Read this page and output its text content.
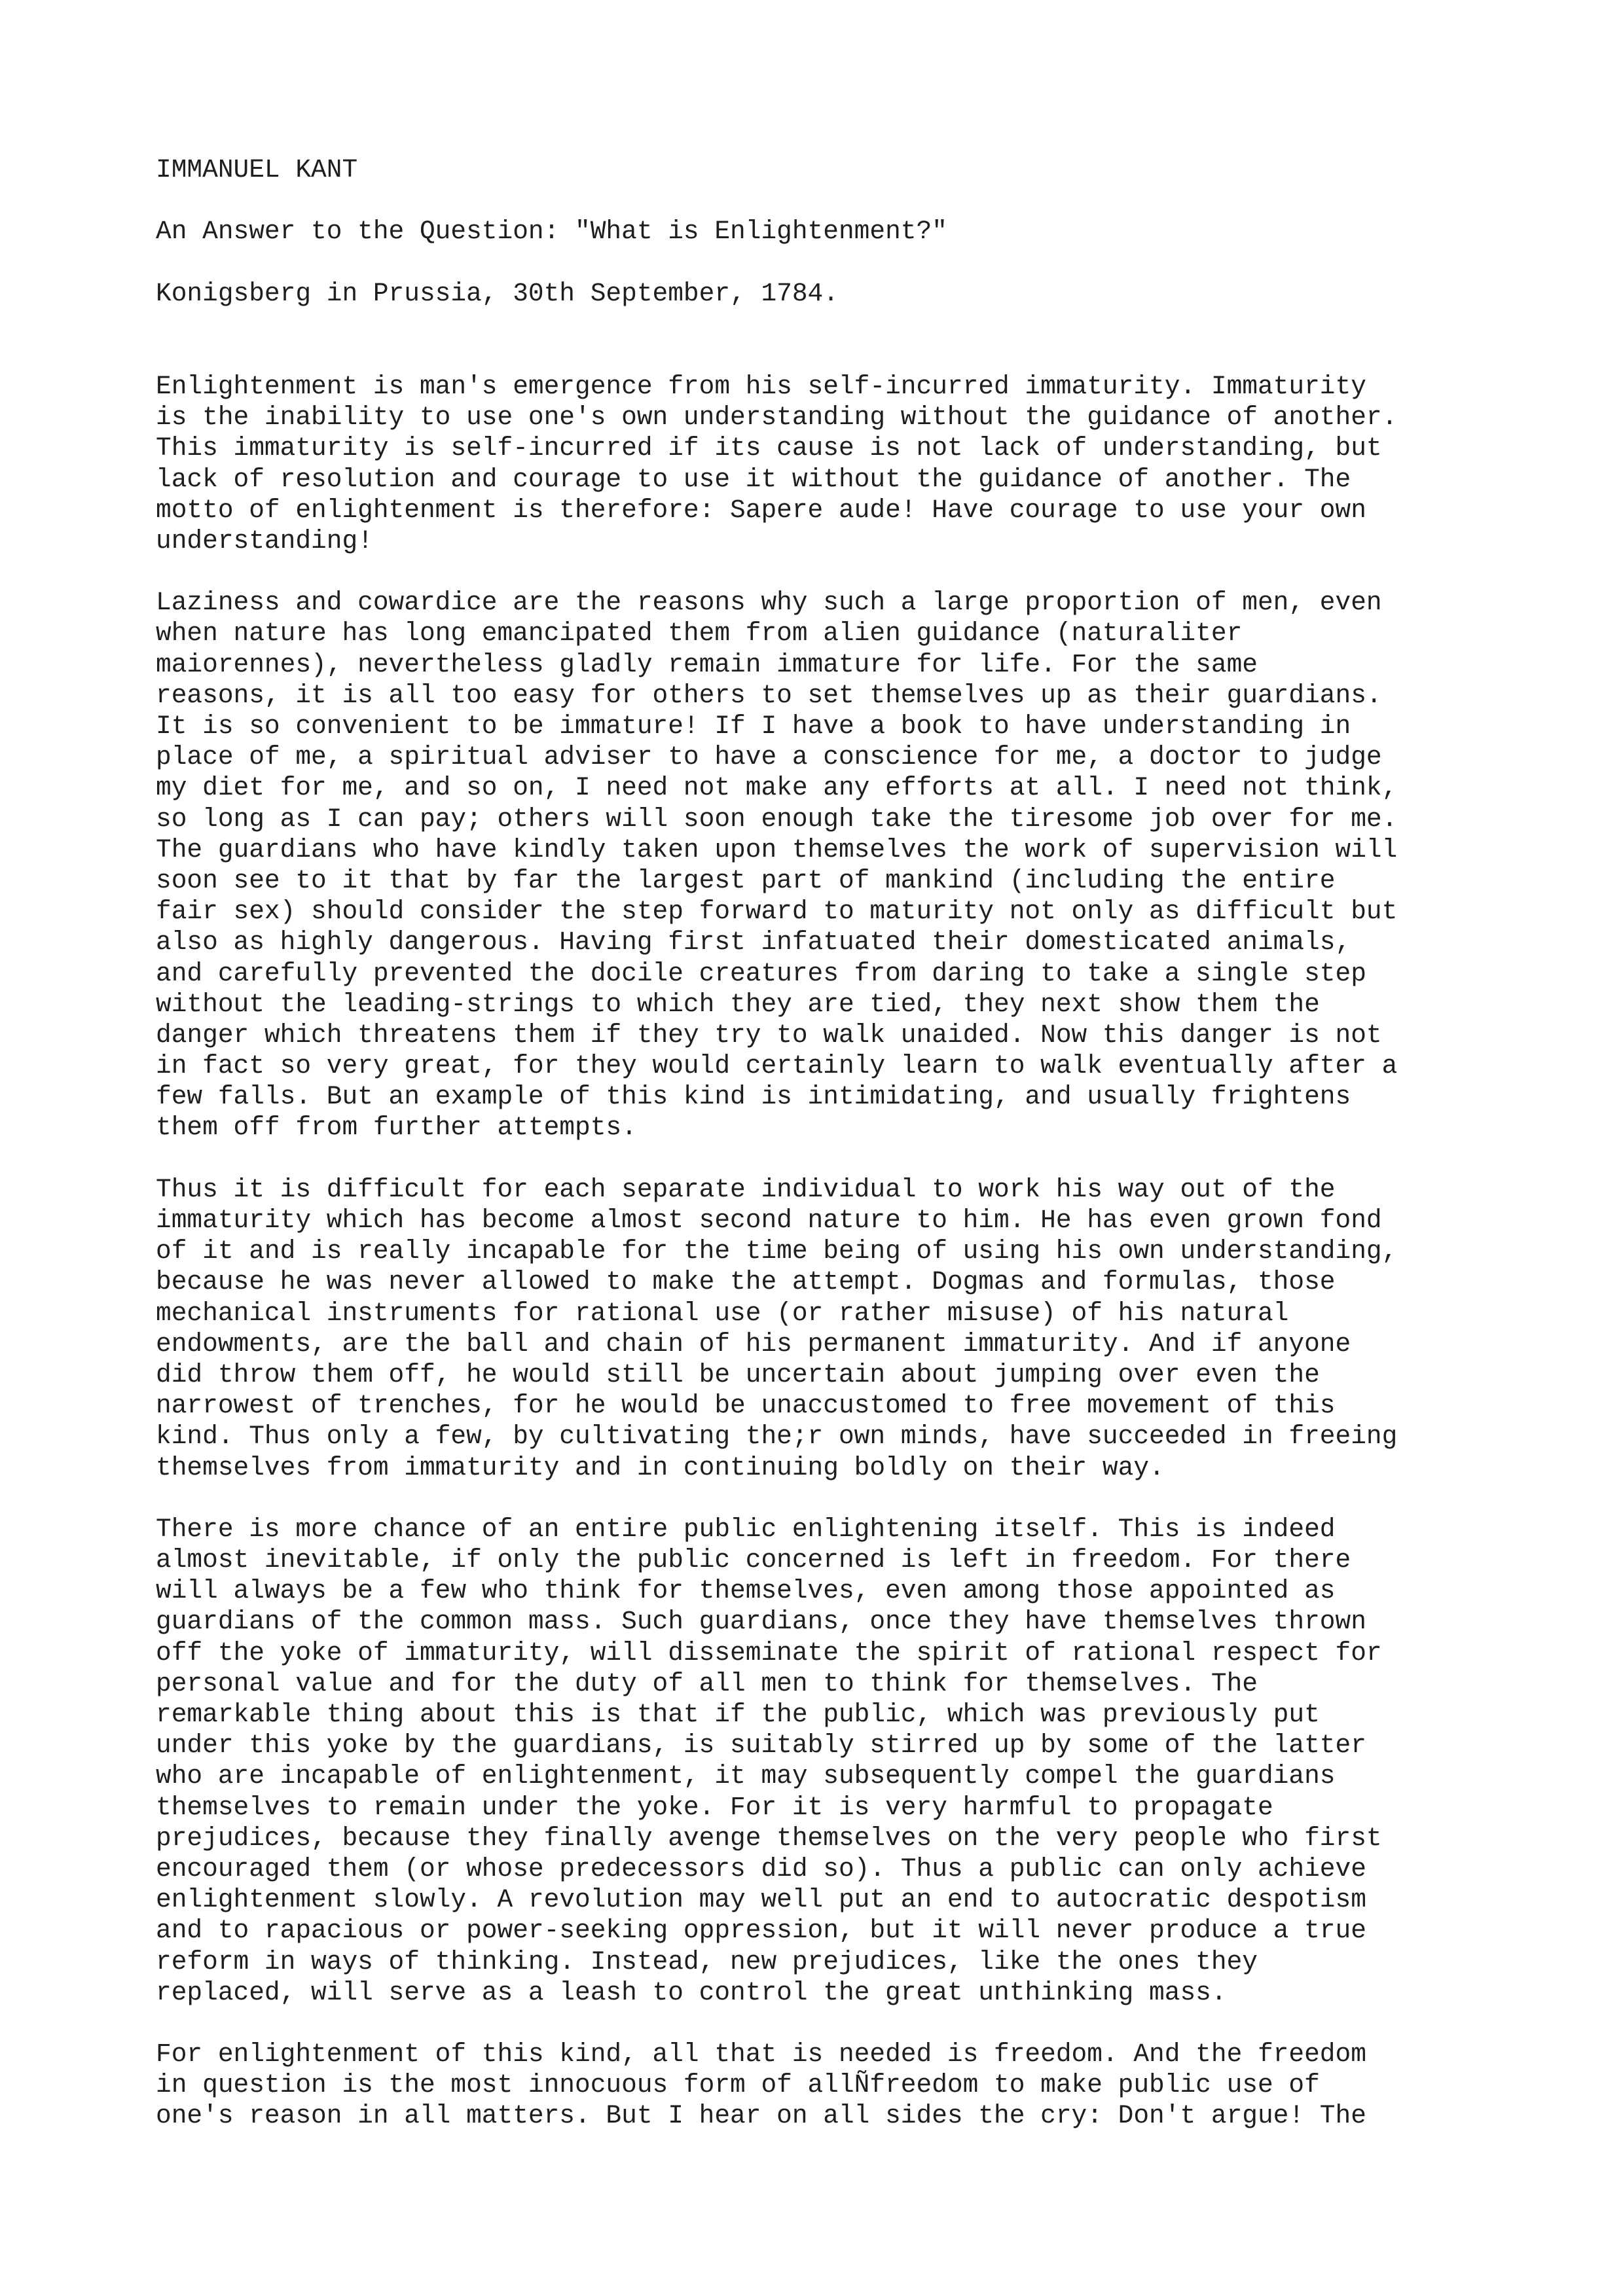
IMMANUEL KANT
An Answer to the Question: "What is Enlightenment?"
Konigsberg in Prussia, 30th September, 1784.
Enlightenment is man's emergence from his self-incurred immaturity. Immaturity
is the inability to use one's own understanding without the guidance of another.
This immaturity is self-incurred if its cause is not lack of understanding, but
lack of resolution and courage to use it without the guidance of another. The
motto of enlightenment is therefore: Sapere aude! Have courage to use your own
understanding!
Laziness and cowardice are the reasons why such a large proportion of men, even
when nature has long emancipated them from alien guidance (naturaliter
maiorennes), nevertheless gladly remain immature for life. For the same
reasons, it is all too easy for others to set themselves up as their guardians.
It is so convenient to be immature! If I have a book to have understanding in
place of me, a spiritual adviser to have a conscience for me, a doctor to judge
my diet for me, and so on, I need not make any efforts at all. I need not think,
so long as I can pay; others will soon enough take the tiresome job over for me.
The guardians who have kindly taken upon themselves the work of supervision will
soon see to it that by far the largest part of mankind (including the entire
fair sex) should consider the step forward to maturity not only as difficult but
also as highly dangerous. Having first infatuated their domesticated animals,
and carefully prevented the docile creatures from daring to take a single step
without the leading-strings to which they are tied, they next show them the
danger which threatens them if they try to walk unaided. Now this danger is not
in fact so very great, for they would certainly learn to walk eventually after a
few falls. But an example of this kind is intimidating, and usually frightens
them off from further attempts.
Thus it is difficult for each separate individual to work his way out of the
immaturity which has become almost second nature to him. He has even grown fond
of it and is really incapable for the time being of using his own understanding,
because he was never allowed to make the attempt. Dogmas and formulas, those
mechanical instruments for rational use (or rather misuse) of his natural
endowments, are the ball and chain of his permanent immaturity. And if anyone
did throw them off, he would still be uncertain about jumping over even the
narrowest of trenches, for he would be unaccustomed to free movement of this
kind. Thus only a few, by cultivating the;r own minds, have succeeded in freeing
themselves from immaturity and in continuing boldly on their way.
There is more chance of an entire public enlightening itself. This is indeed
almost inevitable, if only the public concerned is left in freedom. For there
will always be a few who think for themselves, even among those appointed as
guardians of the common mass. Such guardians, once they have themselves thrown
off the yoke of immaturity, will disseminate the spirit of rational respect for
personal value and for the duty of all men to think for themselves. The
remarkable thing about this is that if the public, which was previously put
under this yoke by the guardians, is suitably stirred up by some of the latter
who are incapable of enlightenment, it may subsequently compel the guardians
themselves to remain under the yoke. For it is very harmful to propagate
prejudices, because they finally avenge themselves on the very people who first
encouraged them (or whose predecessors did so). Thus a public can only achieve
enlightenment slowly. A revolution may well put an end to autocratic despotism
and to rapacious or power-seeking oppression, but it will never produce a true
reform in ways of thinking. Instead, new prejudices, like the ones they
replaced, will serve as a leash to control the great unthinking mass.
For enlightenment of this kind, all that is needed is freedom. And the freedom
in question is the most innocuous form of allÑfreedom to make public use of
one's reason in all matters. But I hear on all sides the cry: Don't argue! The
